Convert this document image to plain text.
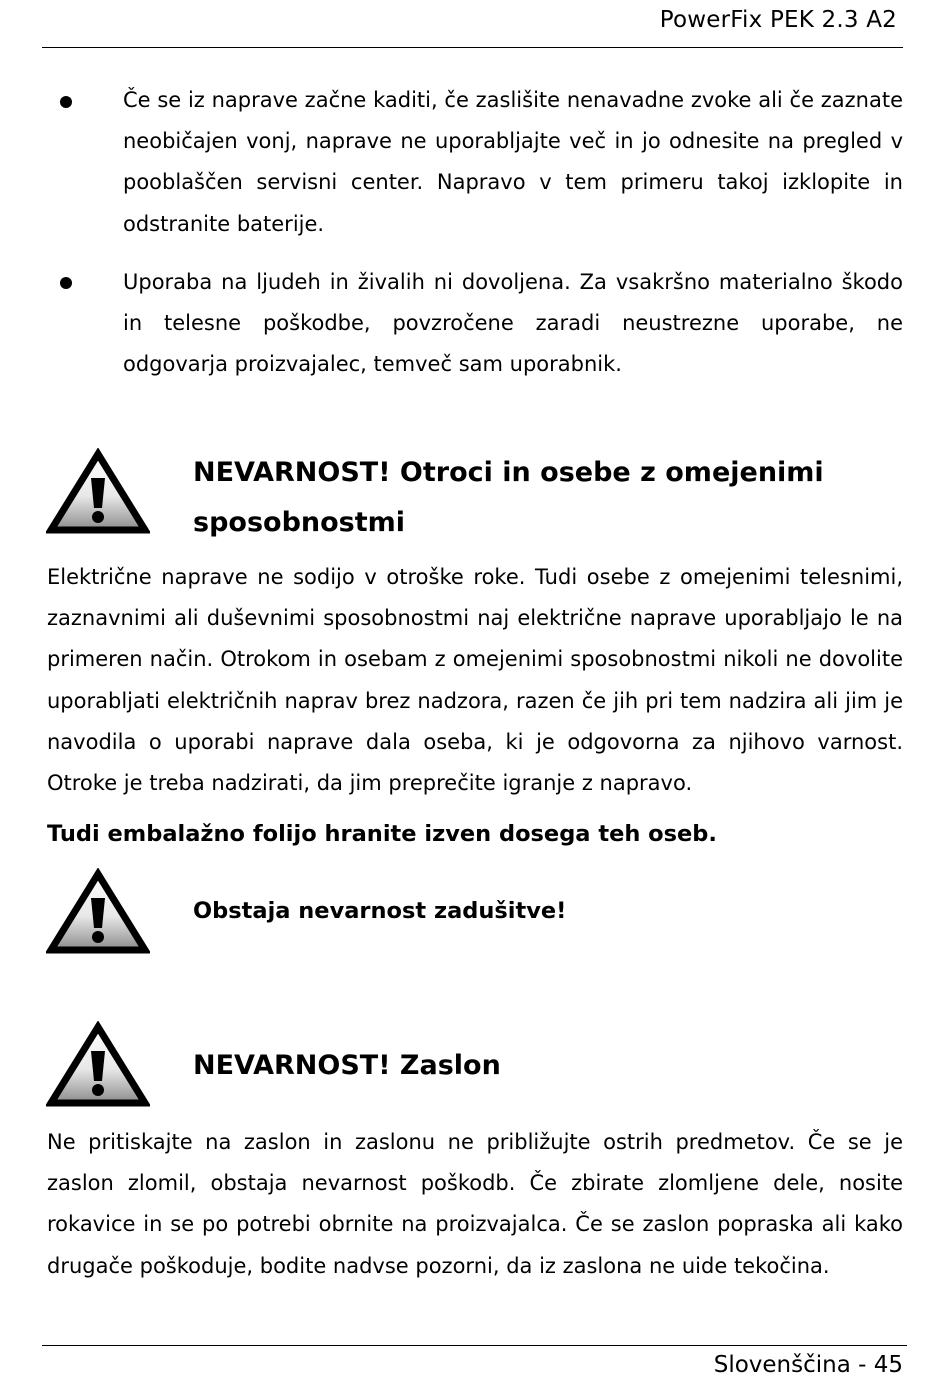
PowerFix PEK 2.3 A2

Če se iz naprave začne kaditi, če zaslišite nenavadne zvoke ali če zaznate neobičajen vonj, naprave ne uporabljajte več in jo odnesite na pregled v pooblaščen servisni center. Napravo v tem primeru takoj izklopite in odstranite baterije.

Uporaba na ljudeh in živalih ni dovoljena. Za vsakršno materialno škodo in telesne poškodbe, povzročene zaradi neustrezne uporabe, ne odgovarja proizvajalec, temveč sam uporabnik.

NEVARNOST! Otroci in osebe z omejenimi
sposobnostmi

Električne naprave ne sodijo v otroške roke. Tudi osebe z omejenimi telesnimi, zaznavnimi ali duševnimi sposobnostmi naj električne naprave uporabljajo le na primeren način. Otrokom in osebam z omejenimi sposobnostmi nikoli ne dovolite uporabljati električnih naprav brez nadzora, razen če jih pri tem nadzira ali jim je navodila o uporabi naprave dala oseba, ki je odgovorna za njihovo varnost. Otroke je treba nadzirati, da jim preprečite igranje z napravo.

Tudi embalažno folijo hranite izven dosega teh oseb.

Obstaja nevarnost zadušitve!

NEVARNOST! Zaslon

Ne pritiskajte na zaslon in zaslonu ne približujte ostrih predmetov. Če se je zaslon zlomil, obstaja nevarnost poškodb. Če zbirate zlomljene dele, nosite rokavice in se po potrebi obrnite na proizvajalca. Če se zaslon popraska ali kako drugače poškoduje, bodite nadvse pozorni, da iz zaslona ne uide tekočina.

Slovenščina - 45
